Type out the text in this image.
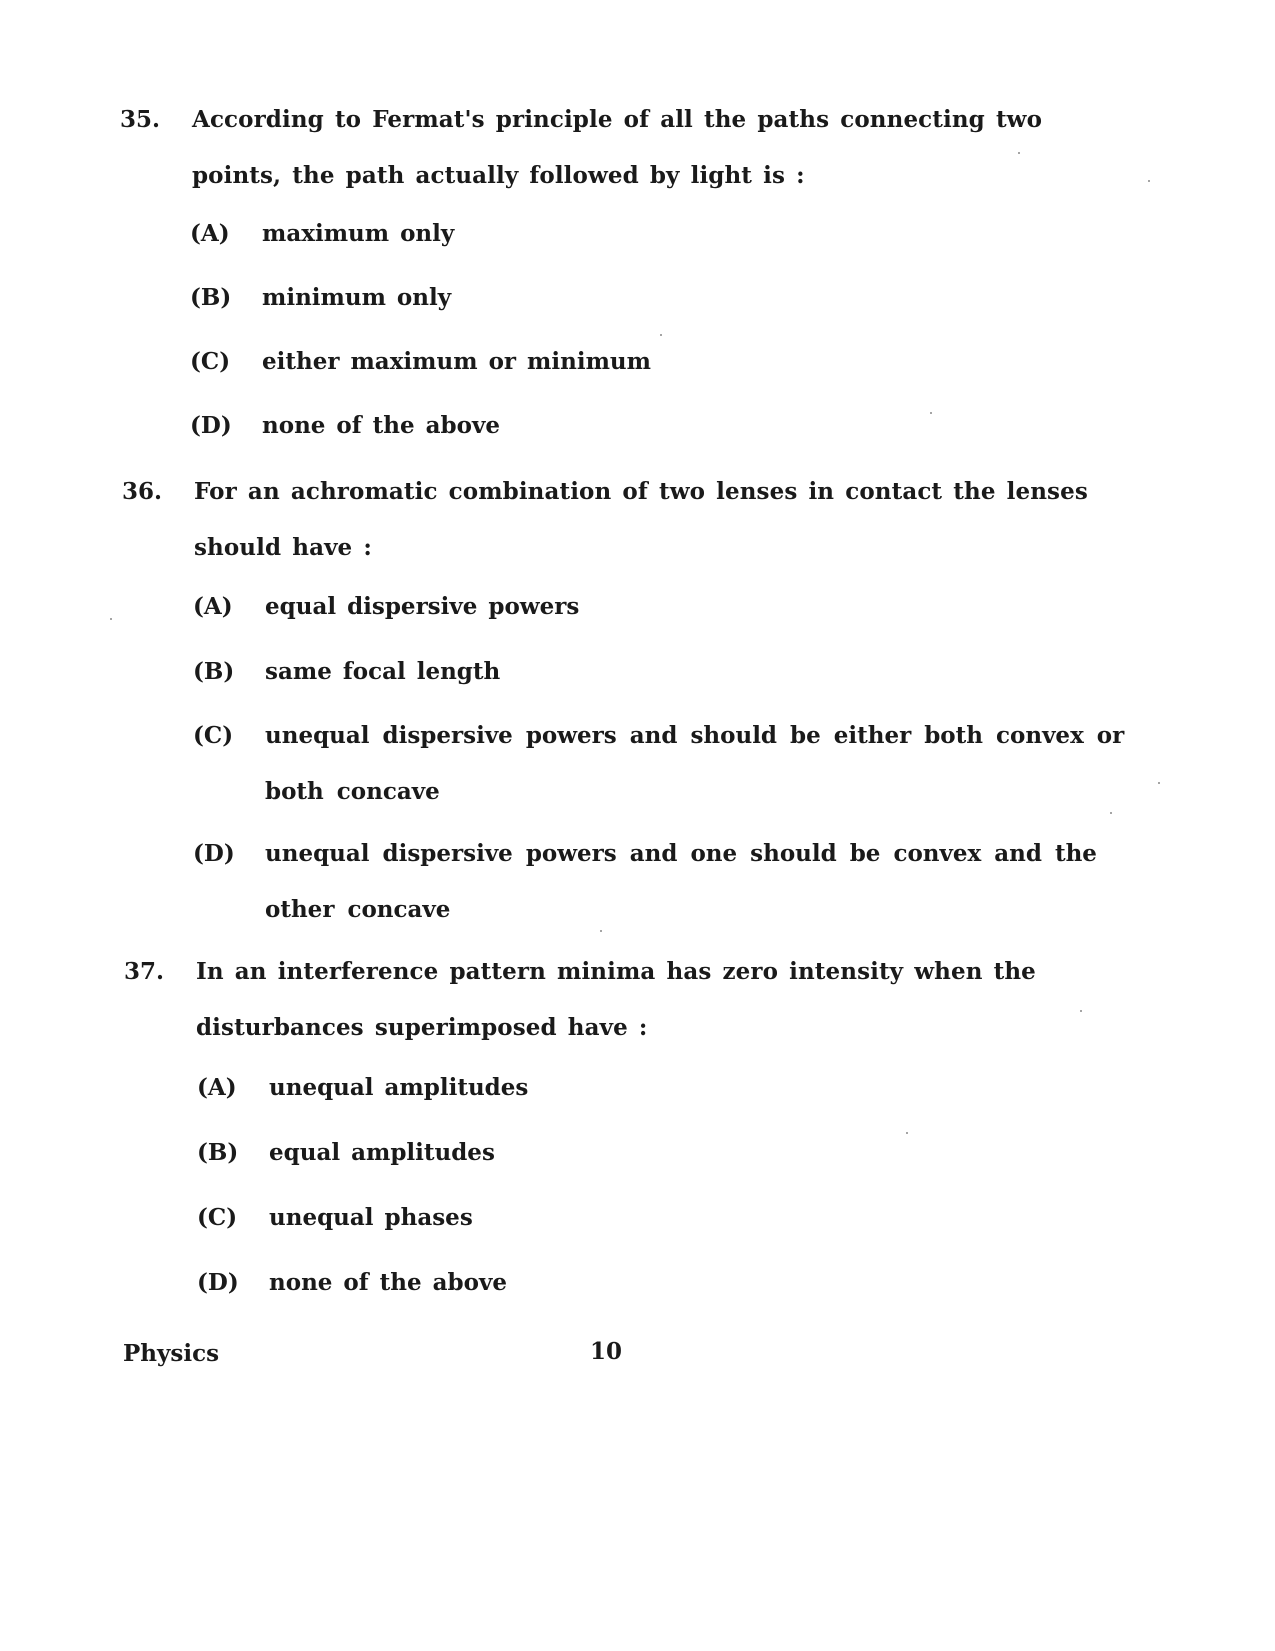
35. According to Fermat's principle of all the paths connecting two points, the path actually followed by light is :
(A) maximum only
(B) minimum only
(C) either maximum or minimum
(D) none of the above
36. For an achromatic combination of two lenses in contact the lenses should have :
(A) equal dispersive powers
(B) same focal length
(C) unequal dispersive powers and should be either both convex or both concave
(D) unequal dispersive powers and one should be convex and the other concave
37. In an interference pattern minima has zero intensity when the disturbances superimposed have :
(A) unequal amplitudes
(B) equal amplitudes
(C) unequal phases
(D) none of the above
Physics	10
